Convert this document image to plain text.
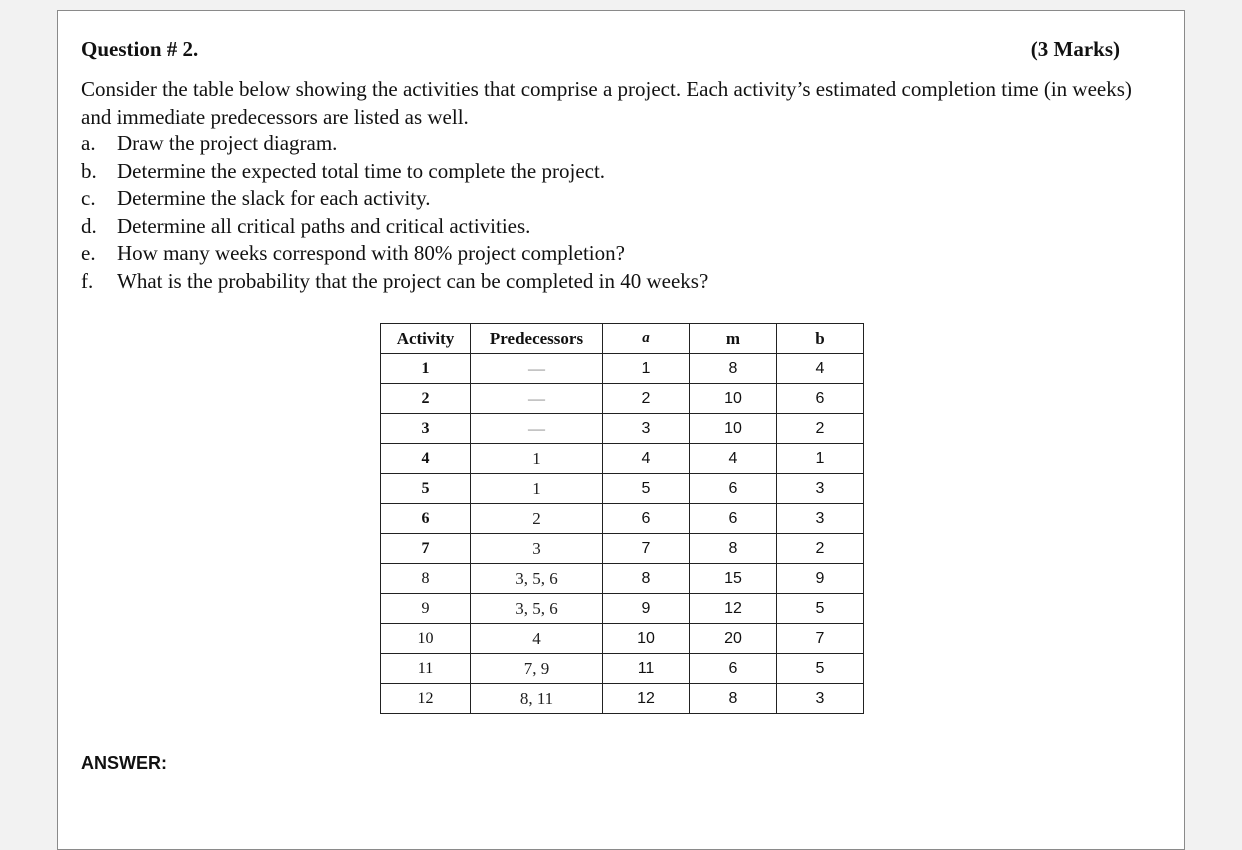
Question # 2.	(3 Marks)
Consider the table below showing the activities that comprise a project. Each activity’s estimated completion time (in weeks) and immediate predecessors are listed as well.
a.	Draw the project diagram.
b. Determine the expected total time to complete the project.
c.	Determine the slack for each activity.
d. Determine all critical paths and critical activities.
e.	How many weeks correspond with 80% project completion?
f.	What is the probability that the project can be completed in 40 weeks?
Activity	Predecessors	a	m	b
1	—	1	8	4
2	—	2	10	6
3	—	3	10	2
4	1	4	4	1
5	1	5	6	3
6	2	6	6	3
7	3	7	8	2
8	3, 5, 6	8	15	9
9	3, 5, 6	9	12	5
10	4	10	20	7
11	7, 9	11	6	5
12	8, 11	12	8	3
ANSWER:
